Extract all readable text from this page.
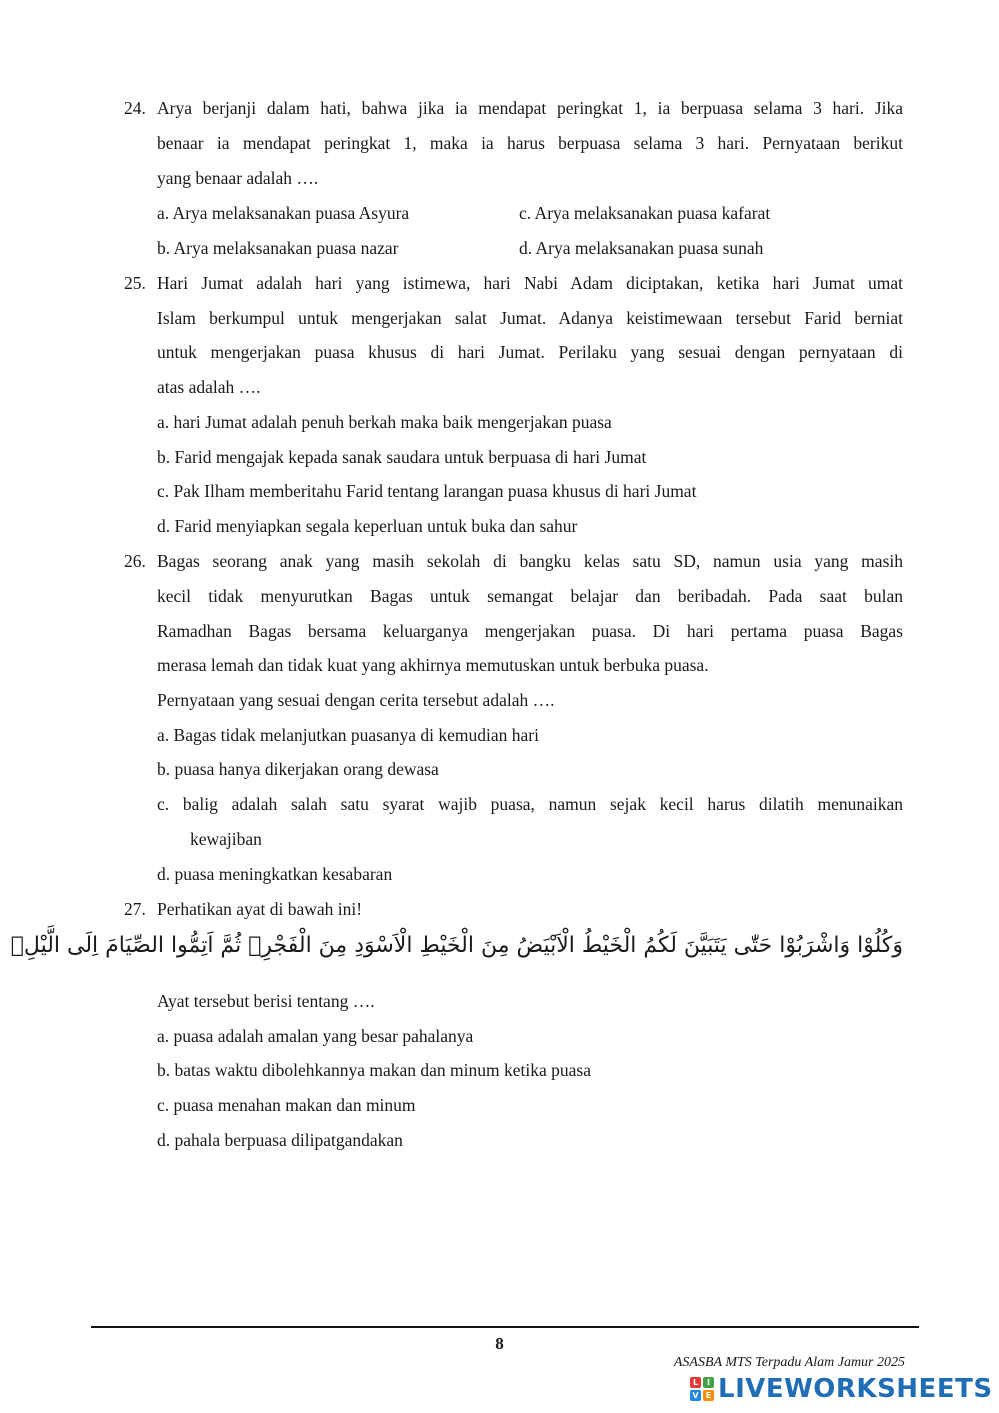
24. Arya berjanji dalam hati, bahwa jika ia mendapat peringkat 1, ia berpuasa selama 3 hari. Jika
benaar ia mendapat peringkat 1, maka ia harus berpuasa selama 3 hari. Pernyataan berikut
yang benaar adalah ….
a. Arya melaksanakan puasa Asyura	c. Arya melaksanakan puasa kafarat
b. Arya melaksanakan puasa nazar	d. Arya melaksanakan puasa sunah
25. Hari Jumat adalah hari yang istimewa, hari Nabi Adam diciptakan, ketika hari Jumat umat
Islam berkumpul untuk mengerjakan salat Jumat. Adanya keistimewaan tersebut Farid berniat
untuk mengerjakan puasa khusus di hari Jumat. Perilaku yang sesuai dengan pernyataan di
atas adalah ….
a. hari Jumat adalah penuh berkah maka baik mengerjakan puasa
b. Farid mengajak kepada sanak saudara untuk berpuasa di hari Jumat
c. Pak Ilham memberitahu Farid tentang larangan puasa khusus di hari Jumat
d. Farid menyiapkan segala keperluan untuk buka dan sahur
26. Bagas seorang anak yang masih sekolah di bangku kelas satu SD, namun usia yang masih
kecil tidak menyurutkan Bagas untuk semangat belajar dan beribadah. Pada saat bulan
Ramadhan Bagas bersama keluarganya mengerjakan puasa. Di hari pertama puasa Bagas
merasa lemah dan tidak kuat yang akhirnya memutuskan untuk berbuka puasa.
Pernyataan yang sesuai dengan cerita tersebut adalah ….
a. Bagas tidak melanjutkan puasanya di kemudian hari
b. puasa hanya dikerjakan orang dewasa
c. balig adalah salah satu syarat wajib puasa, namun sejak kecil harus dilatih menunaikan
kewajiban
d. puasa meningkatkan kesabaran
27. Perhatikan ayat di bawah ini!
وَكُلُوْا وَاشْرَبُوْا حَتّٰى يَتَبَيَّنَ لَكُمُ الْخَيْطُ الْاَبْيَضُ مِنَ الْخَيْطِ الْاَسْوَدِ مِنَ الْفَجْرِۖ ثُمَّ اَتِمُّوا الصِّيَامَ اِلَى الَّيْلِۚ
Ayat tersebut berisi tentang ….
a. puasa adalah amalan yang besar pahalanya
b. batas waktu dibolehkannya makan dan minum ketika puasa
c. puasa menahan makan dan minum
d. pahala berpuasa dilipatgandakan
8
ASASBA MTS Terpadu Alam Jamur 2025
L	I
V E LIVEWORKSHEETS
